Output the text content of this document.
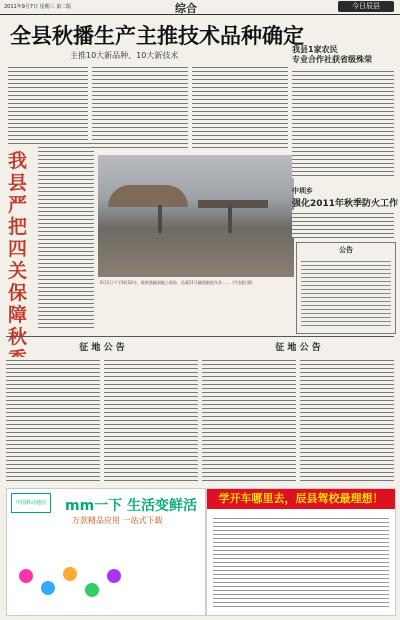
2011年9月7日 星期三 第二版	综合	今日辰县
全县秋播生产主推技术品种确定
主推10大新品种、10大新技术
我县严把四关保障秋
6月2日下午5时10分，联络道隧洞施工现场，沿溪11号隧道掘进作业……（代表组 摄）
我县1家农民
专业合作社获省级殊荣
中圳乡
强化2011年秋季防火工作
公告
征 地 公 告	征 地 公 告
中国移动通信	mm一下 生活变鲜活
万款精品应用 一站式下载
学开车哪里去，辰县驾校最理想！
